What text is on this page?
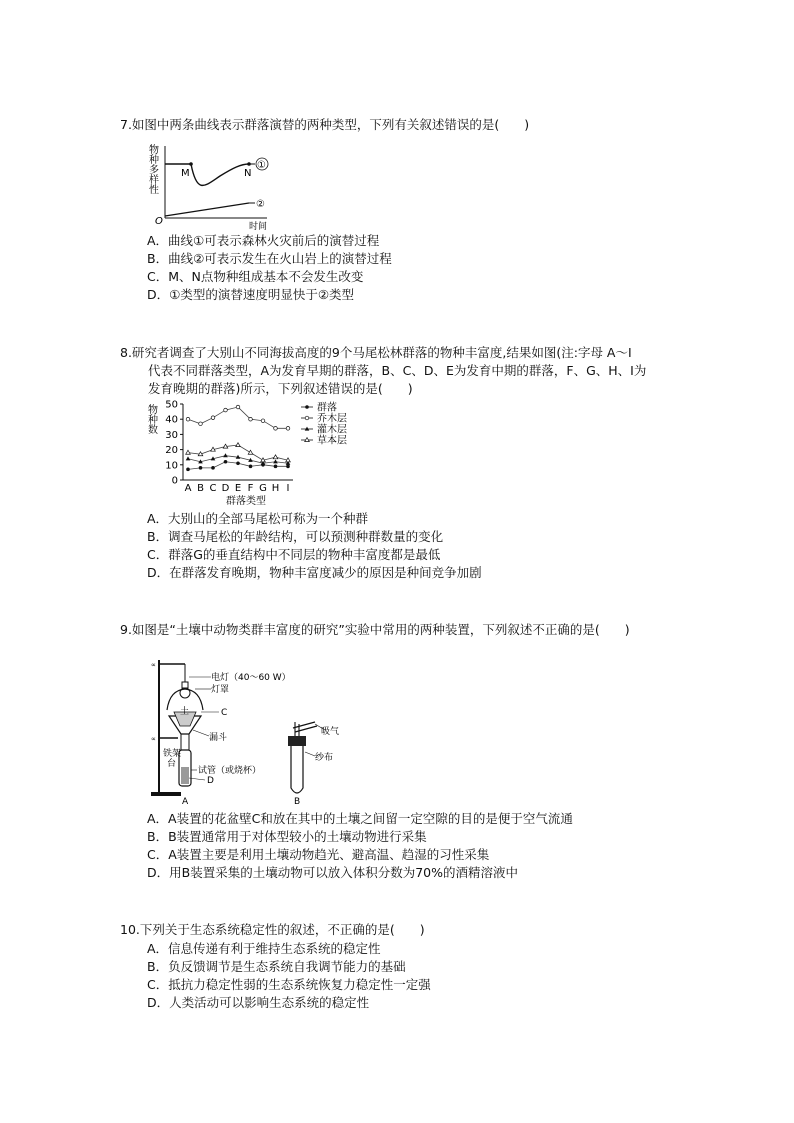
7.如图中两条曲线表示群落演替的两种类型，下列有关叙述错误的是(　　)
物种多样性
O	时间
M	N
①
②
A．曲线①可表示森林火灾前后的演替过程
B．曲线②可表示发生在火山岩上的演替过程
C．M、N点物种组成基本不会发生改变
D．①类型的演替速度明显快于②类型
8.研究者调查了大别山不同海拔高度的9个马尾松林群落的物种丰富度,结果如图(注:字母 A～I
代表不同群落类型，A为发育早期的群落，B、C、D、E为发育中期的群落，F、G、H、I为
发育晚期的群落)所示，下列叙述错误的是(　　)
物种数
0
10
20
30
40
50
A B C D E F G H I
群落
乔木层
灌木层
草本层
群落类型
A．大别山的全部马尾松可称为一个种群
B．调查马尾松的年龄结构，可以预测种群数量的变化
C．群落G的垂直结构中不同层的物种丰富度都是最低
D．在群落发育晚期，物种丰富度减少的原因是种间竞争加剧
9.如图是“土壤中动物类群丰富度的研究”实验中常用的两种装置，下列叙述不正确的是(　　)
∝
∝
土
电灯（40～60 W）
灯罩
C
漏斗
铁架
台
试管（或烧杯）
D
A
吸气
纱布
B
A．A装置的花盆壁C和放在其中的土壤之间留一定空隙的目的是便于空气流通
B．B装置通常用于对体型较小的土壤动物进行采集
C．A装置主要是利用土壤动物趋光、避高温、趋湿的习性采集
D．用B装置采集的土壤动物可以放入体积分数为70%的酒精溶液中
10.下列关于生态系统稳定性的叙述，不正确的是(　　)
A．信息传递有利于维持生态系统的稳定性
B．负反馈调节是生态系统自我调节能力的基础
C．抵抗力稳定性弱的生态系统恢复力稳定性一定强
D．人类活动可以影响生态系统的稳定性
